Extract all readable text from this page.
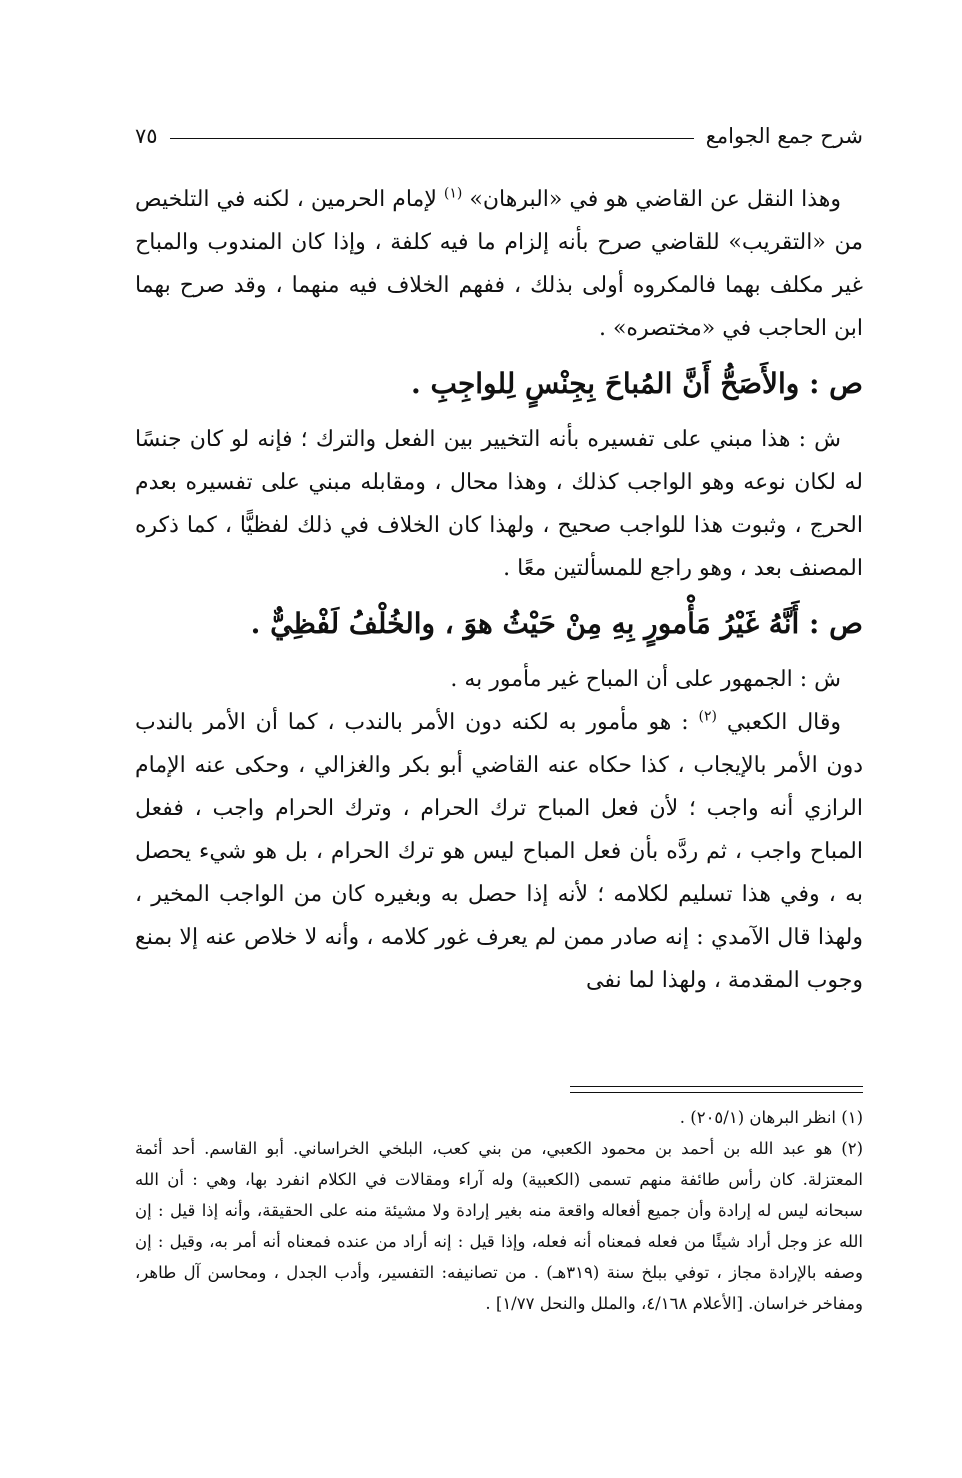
شرح جمع الجوامع
٧٥

وهذا النقل عن القاضي هو في «البرهان» $^{(١)}$ لإمام الحرمين ، لكنه في التلخيص من «التقريب» للقاضي صرح بأنه إلزام ما فيه كلفة ، وإذا كان المندوب والمباح غير مكلف بهما فالمكروه أولى بذلك ، ففهم الخلاف فيه منهما ، وقد صرح بهما ابن الحاجب في «مختصره» .

ص : والأَصَحُّ أَنَّ المُباحَ بِجِنْسٍ لِلواجِبِ .

ش : هذا مبني على تفسيره بأنه التخيير بين الفعل والترك ؛ فإنه لو كان جنسًا له لكان نوعه وهو الواجب كذلك ، وهذا محال ، ومقابله مبني على تفسيره بعدم الحرج ، وثبوت هذا للواجب صحيح ، ولهذا كان الخلاف في ذلك لفظيًّا ، كما ذكره المصنف بعد ، وهو راجع للمسألتين معًا .

ص : أَنَّهُ غَيْرُ مَأْمورٍ بِهِ مِنْ حَيْثُ هوَ ، والخُلْفُ لَفْظِيٌّ .

ش : الجمهور على أن المباح غير مأمور به .

وقال الكعبي $^{(٢)}$ : هو مأمور به لكنه دون الأمر بالندب ، كما أن الأمر بالندب دون الأمر بالإيجاب ، كذا حكاه عنه القاضي أبو بكر والغزالي ، وحكى عنه الإمام الرازي أنه واجب ؛ لأن فعل المباح ترك الحرام ، وترك الحرام واجب ، ففعل المباح واجب ، ثم ردَّه بأن فعل المباح ليس هو ترك الحرام ، بل هو شيء يحصل به ، وفي هذا تسليم لكلامه ؛ لأنه إذا حصل به وبغيره كان من الواجب المخير ، ولهذا قال الآمدي : إنه صادر ممن لم يعرف غور كلامه ، وأنه لا خلاص عنه إلا بمنع وجوب المقدمة ، ولهذا لما نفى

(١) انظر البرهان (٢٠٥/١) .

(٢) هو عبد الله بن أحمد بن محمود الكعبي، من بني كعب، البلخي الخراساني. أبو القاسم. أحد أئمة المعتزلة. كان رأس طائفة منهم تسمى (الكعبية) وله آراء ومقالات في الكلام انفرد بها، وهي : أن الله سبحانه ليس له إرادة وأن جميع أفعاله واقعة منه بغير إرادة ولا مشيئة منه على الحقيقة، وأنه إذا قيل : إن الله عز وجل أراد شيئًا من فعله فمعناه أنه فعله، وإذا قيل : إنه أراد من عنده فمعناه أنه أمر به، وقيل : إن وصفه بالإرادة مجاز ، توفي ببلخ سنة (٣١٩هـ) . من تصانيفه: التفسير، وأدب الجدل ، ومحاسن آل طاهر، ومفاخر خراسان. [الأعلام ٤/١٦٨، والملل والنحل ١/٧٧] .
